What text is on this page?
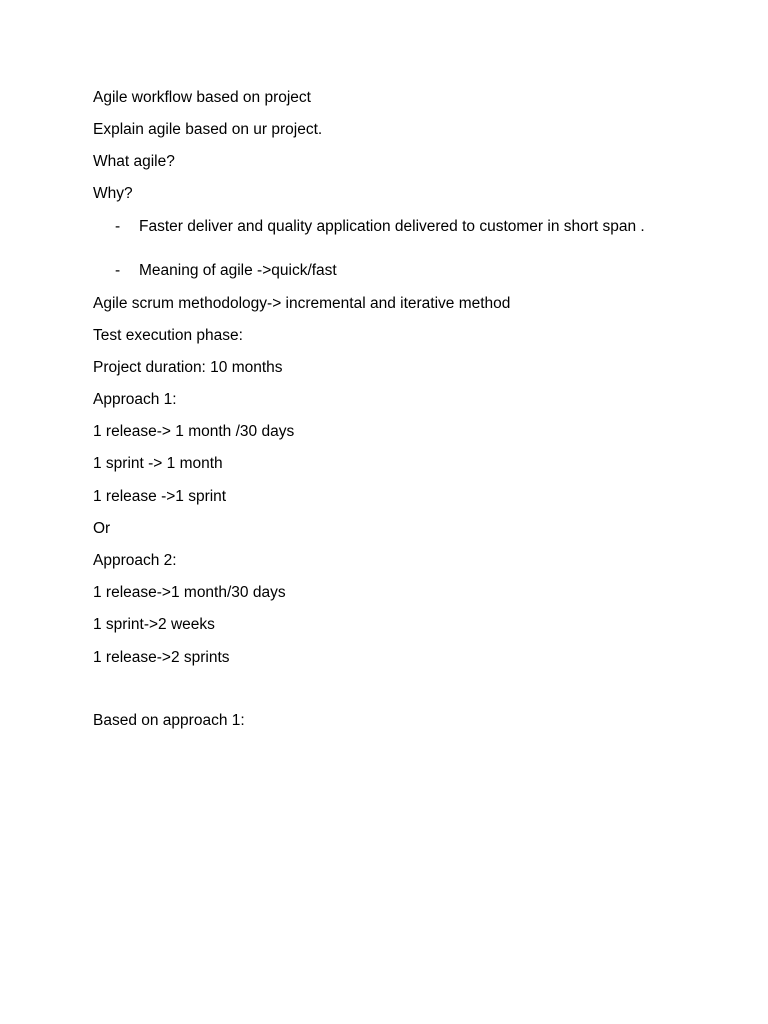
Agile workflow based on project
Explain agile based on ur project.
What agile?
Why?
- Faster deliver and quality application delivered to customer in short span .
- Meaning of agile ->quick/fast
Agile scrum methodology-> incremental and iterative method
Test execution phase:
Project duration: 10 months
Approach 1:
1 release-> 1 month /30 days
1 sprint -> 1 month
1 release ->1 sprint
Or
Approach 2:
1 release->1 month/30 days
1 sprint->2 weeks
1 release->2 sprints
Based on approach 1:
